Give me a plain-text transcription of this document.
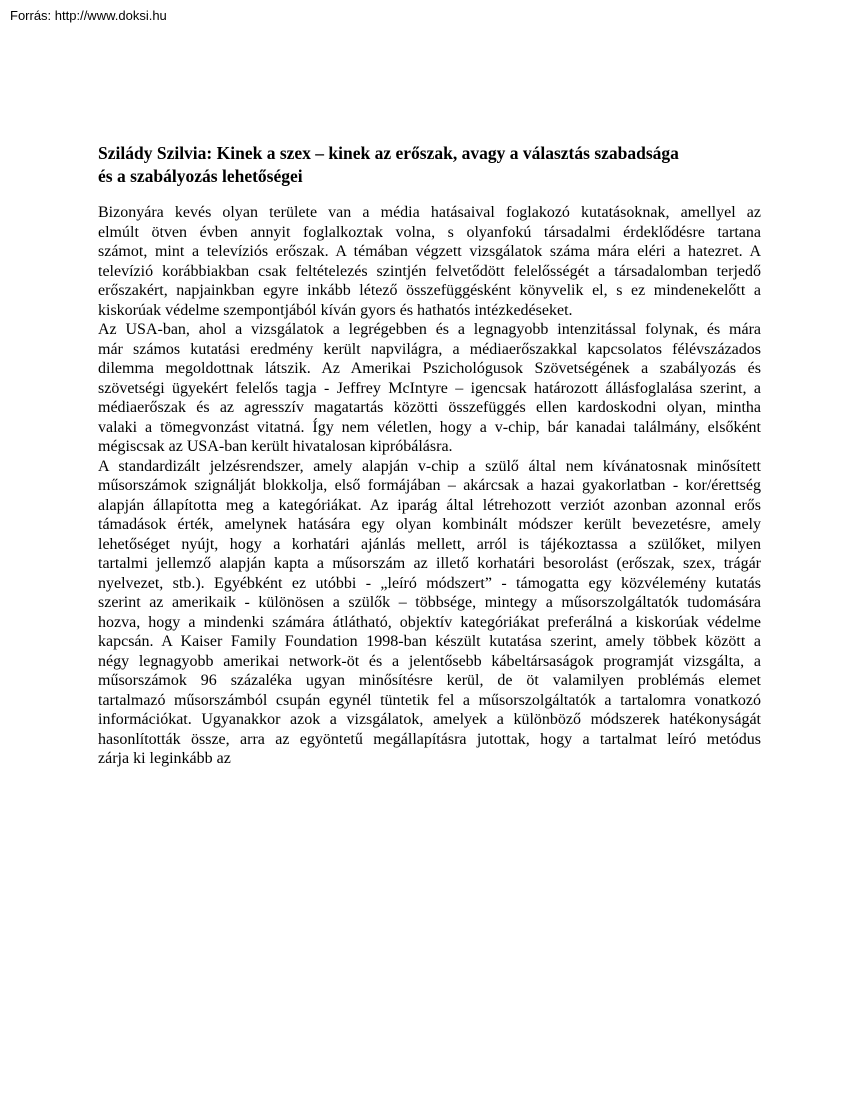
Forrás: http://www.doksi.hu
Szilády Szilvia: Kinek a szex – kinek az erőszak, avagy a választás szabadsága
és a szabályozás lehetőségei
Bizonyára kevés olyan területe van a média hatásaival foglakozó kutatásoknak, amellyel az
elmúlt ötven évben annyit foglalkoztak volna, s olyanfokú társadalmi érdeklődésre tartana
számot, mint a televíziós erőszak. A témában végzett vizsgálatok száma mára eléri a hatezret. A
televízió korábbiakban csak feltételezés szintjén felvetődött felelősségét a társadalomban terjedő
erőszakért, napjainkban egyre inkább létező összefüggésként könyvelik el, s ez mindenekelőtt a
kiskorúak védelme szempontjából kíván gyors és hathatós intézkedéseket.
Az USA-ban, ahol a vizsgálatok a legrégebben és a legnagyobb intenzitással folynak, és mára
már számos kutatási eredmény került napvilágra, a médiaerőszakkal kapcsolatos félévszázados
dilemma megoldottnak látszik. Az Amerikai Pszichológusok Szövetségének a szabályozás és
szövetségi ügyekért felelős tagja - Jeffrey McIntyre – igencsak határozott állásfoglalása szerint, a
médiaerőszak és az agresszív magatartás közötti összefüggés ellen kardoskodni olyan, mintha
valaki a tömegvonzást vitatná. Így nem véletlen, hogy a v-chip, bár kanadai találmány, elsőként
mégiscsak az USA-ban került hivatalosan kipróbálásra.
A standardizált jelzésrendszer, amely alapján v-chip a szülő által nem kívánatosnak minősített
műsorszámok szignálját blokkolja, első formájában – akárcsak a hazai gyakorlatban - kor/érettség
alapján állapította meg a kategóriákat. Az iparág által létrehozott verziót azonban azonnal erős
támadások érték, amelynek hatására egy olyan kombinált módszer került bevezetésre, amely
lehetőséget nyújt, hogy a korhatári ajánlás mellett, arról is tájékoztassa a szülőket, milyen
tartalmi jellemző alapján kapta a műsorszám az illető korhatári besorolást (erőszak, szex, trágár
nyelvezet, stb.). Egyébként ez utóbbi - „leíró módszert” - támogatta egy közvélemény kutatás
szerint az amerikaik - különösen a szülők – többsége, mintegy a műsorszolgáltatók tudomására
hozva, hogy a mindenki számára átlátható, objektív kategóriákat preferálná a kiskorúak védelme
kapcsán. A Kaiser Family Foundation 1998-ban készült kutatása szerint, amely többek között a
négy legnagyobb amerikai network-öt és a jelentősebb kábeltársaságok programját vizsgálta, a
műsorszámok 96 százaléka ugyan minősítésre kerül, de öt valamilyen problémás elemet
tartalmazó műsorszámból csupán egynél tüntetik fel a műsorszolgáltatók a tartalomra vonatkozó
információkat. Ugyanakkor azok a vizsgálatok, amelyek a különböző módszerek hatékonyságát
hasonlították össze, arra az egyöntetű megállapításra jutottak, hogy a tartalmat leíró metódus
zárja ki leginkább az
